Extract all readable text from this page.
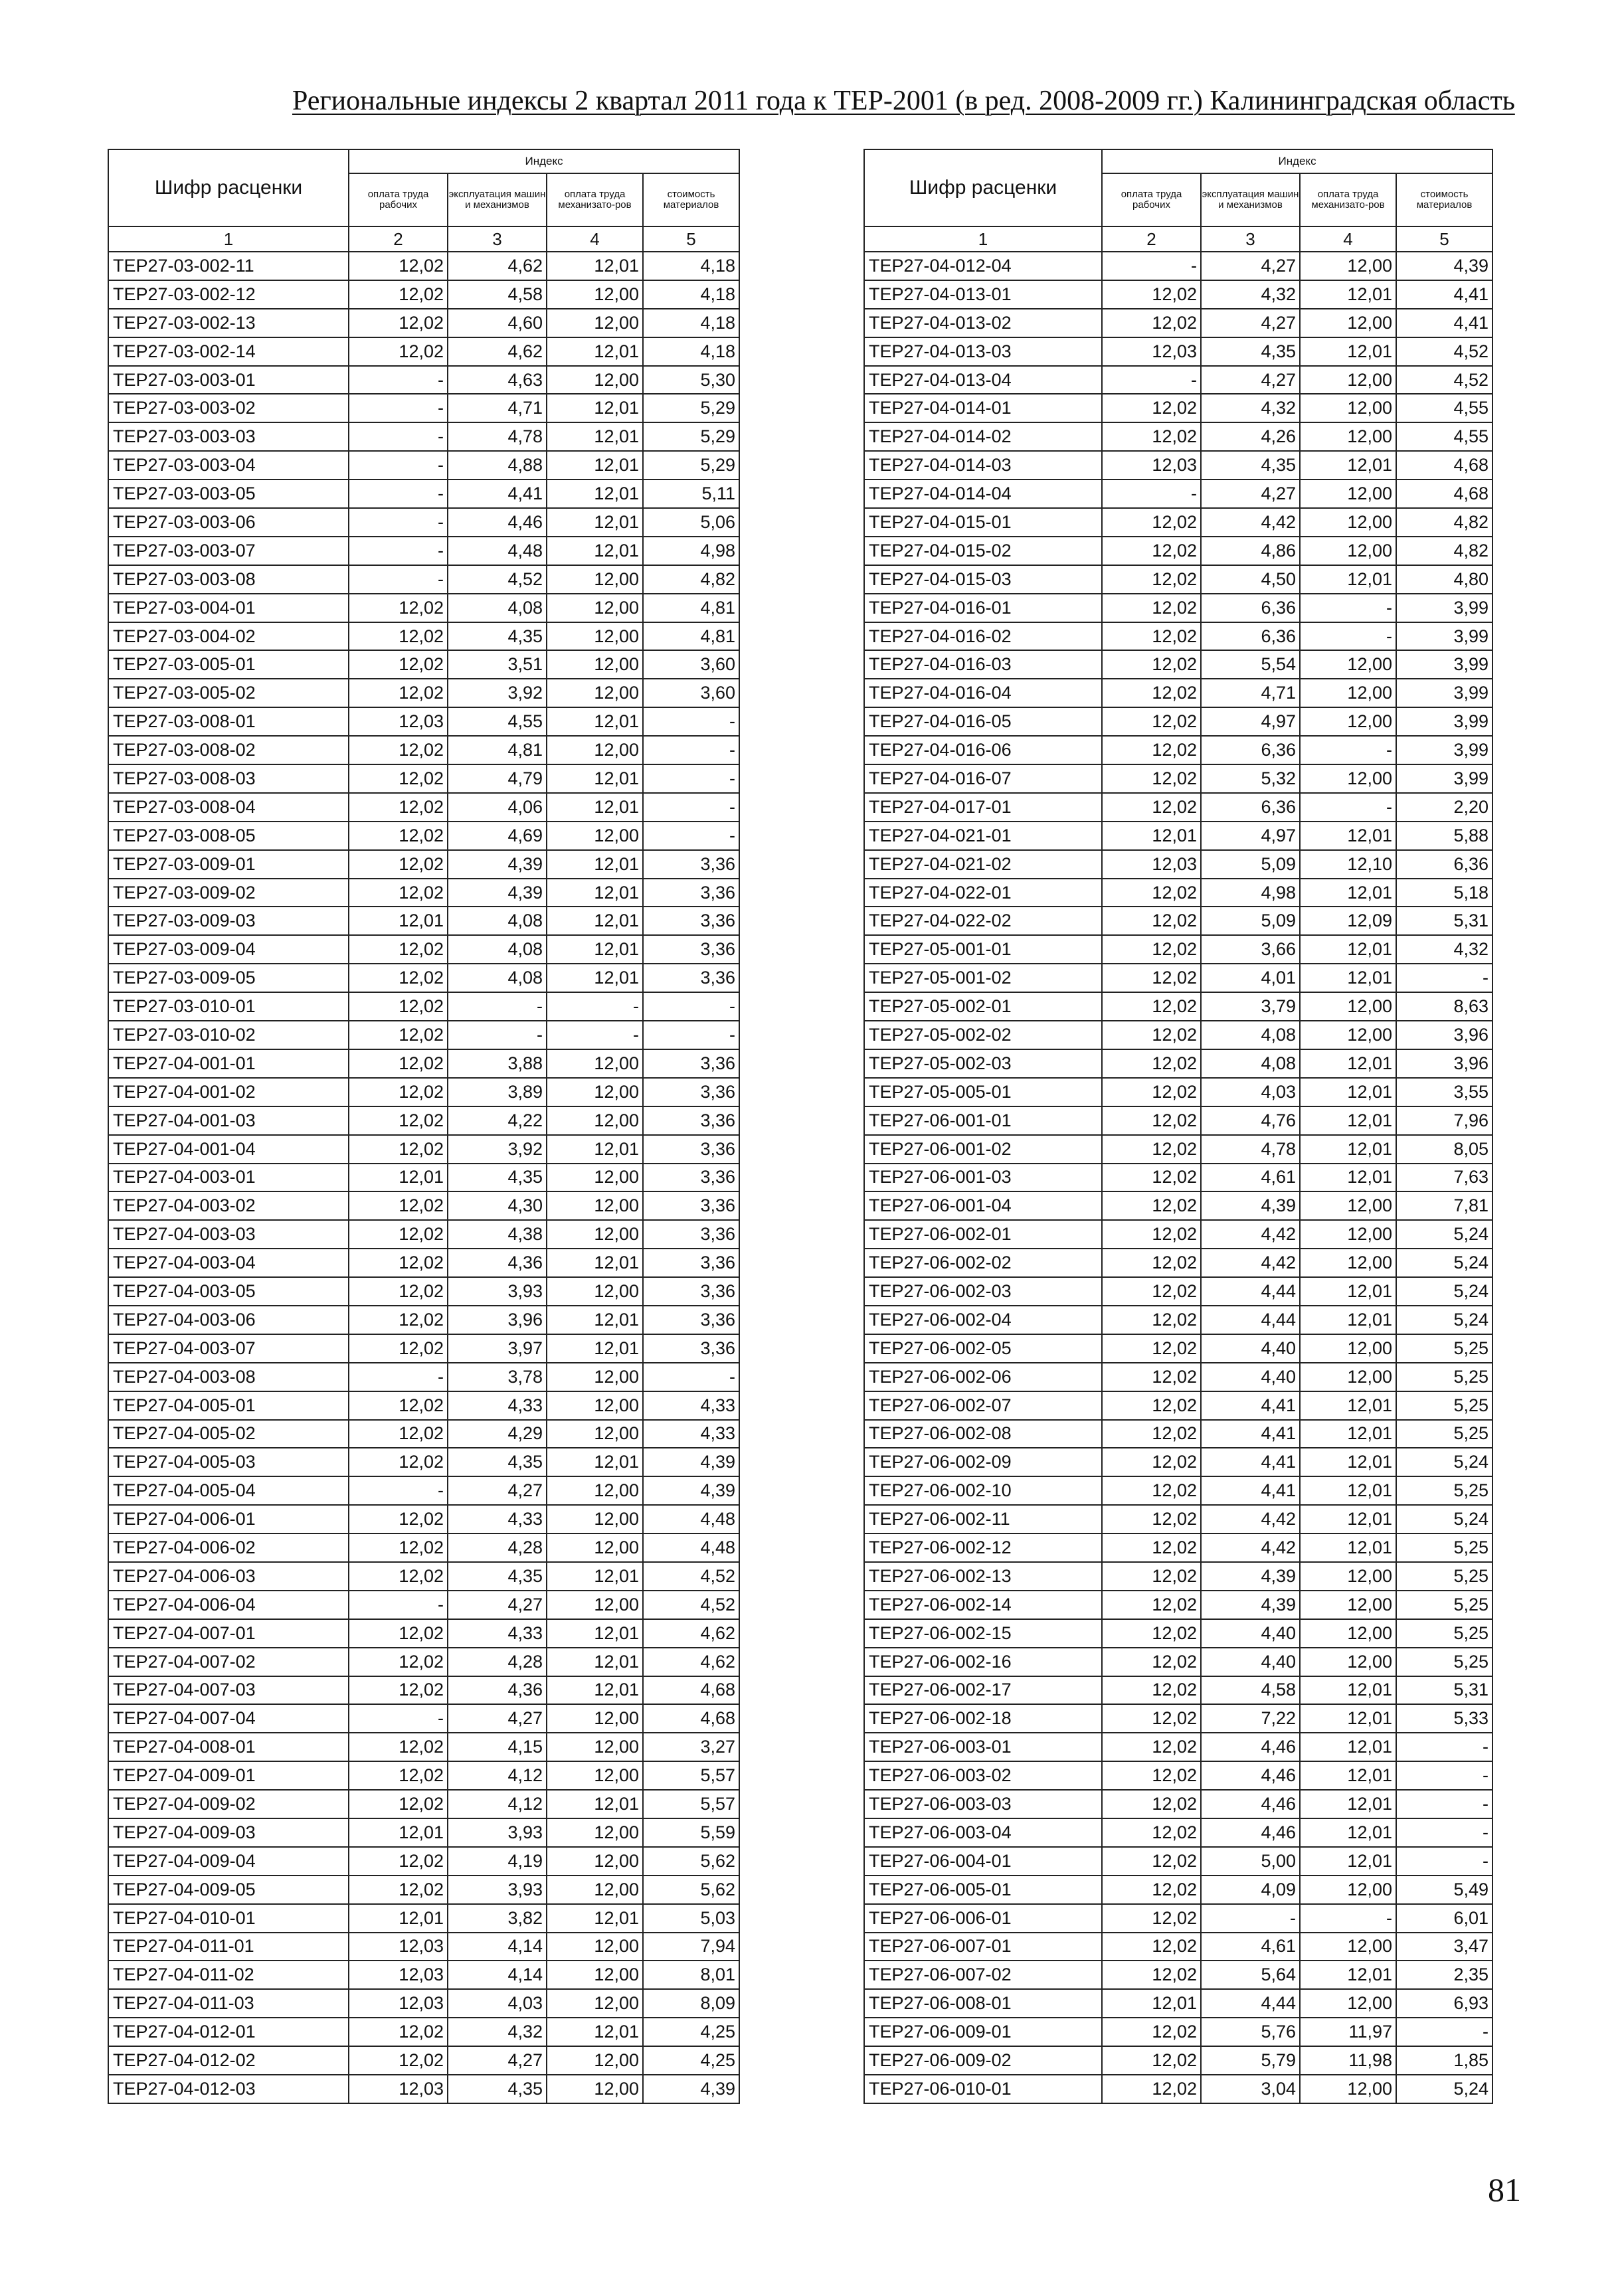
Региональные индексы 2 квартал 2011 года к ТЕР-2001 (в ред. 2008-2009 гг.) Калининградская область
Шифр расценки	Индекс			
	оплата труда рабочих	эксплуатация машин и механизмов	оплата труда механизато-ров	стоимость материалов
1	2	3	4	5
ТЕР27-03-002-11	12,02	4,62	12,01	4,18
ТЕР27-03-002-12	12,02	4,58	12,00	4,18
ТЕР27-03-002-13	12,02	4,60	12,00	4,18
ТЕР27-03-002-14	12,02	4,62	12,01	4,18
ТЕР27-03-003-01	-	4,63	12,00	5,30
ТЕР27-03-003-02	-	4,71	12,01	5,29
ТЕР27-03-003-03	-	4,78	12,01	5,29
ТЕР27-03-003-04	-	4,88	12,01	5,29
ТЕР27-03-003-05	-	4,41	12,01	5,11
ТЕР27-03-003-06	-	4,46	12,01	5,06
ТЕР27-03-003-07	-	4,48	12,01	4,98
ТЕР27-03-003-08	-	4,52	12,00	4,82
ТЕР27-03-004-01	12,02	4,08	12,00	4,81
ТЕР27-03-004-02	12,02	4,35	12,00	4,81
ТЕР27-03-005-01	12,02	3,51	12,00	3,60
ТЕР27-03-005-02	12,02	3,92	12,00	3,60
ТЕР27-03-008-01	12,03	4,55	12,01	-
ТЕР27-03-008-02	12,02	4,81	12,00	-
ТЕР27-03-008-03	12,02	4,79	12,01	-
ТЕР27-03-008-04	12,02	4,06	12,01	-
ТЕР27-03-008-05	12,02	4,69	12,00	-
ТЕР27-03-009-01	12,02	4,39	12,01	3,36
ТЕР27-03-009-02	12,02	4,39	12,01	3,36
ТЕР27-03-009-03	12,01	4,08	12,01	3,36
ТЕР27-03-009-04	12,02	4,08	12,01	3,36
ТЕР27-03-009-05	12,02	4,08	12,01	3,36
ТЕР27-03-010-01	12,02	-	-	-
ТЕР27-03-010-02	12,02	-	-	-
ТЕР27-04-001-01	12,02	3,88	12,00	3,36
ТЕР27-04-001-02	12,02	3,89	12,00	3,36
ТЕР27-04-001-03	12,02	4,22	12,00	3,36
ТЕР27-04-001-04	12,02	3,92	12,01	3,36
ТЕР27-04-003-01	12,01	4,35	12,00	3,36
ТЕР27-04-003-02	12,02	4,30	12,00	3,36
ТЕР27-04-003-03	12,02	4,38	12,00	3,36
ТЕР27-04-003-04	12,02	4,36	12,01	3,36
ТЕР27-04-003-05	12,02	3,93	12,00	3,36
ТЕР27-04-003-06	12,02	3,96	12,01	3,36
ТЕР27-04-003-07	12,02	3,97	12,01	3,36
ТЕР27-04-003-08	-	3,78	12,00	-
ТЕР27-04-005-01	12,02	4,33	12,00	4,33
ТЕР27-04-005-02	12,02	4,29	12,00	4,33
ТЕР27-04-005-03	12,02	4,35	12,01	4,39
ТЕР27-04-005-04	-	4,27	12,00	4,39
ТЕР27-04-006-01	12,02	4,33	12,00	4,48
ТЕР27-04-006-02	12,02	4,28	12,00	4,48
ТЕР27-04-006-03	12,02	4,35	12,01	4,52
ТЕР27-04-006-04	-	4,27	12,00	4,52
ТЕР27-04-007-01	12,02	4,33	12,01	4,62
ТЕР27-04-007-02	12,02	4,28	12,01	4,62
ТЕР27-04-007-03	12,02	4,36	12,01	4,68
ТЕР27-04-007-04	-	4,27	12,00	4,68
ТЕР27-04-008-01	12,02	4,15	12,00	3,27
ТЕР27-04-009-01	12,02	4,12	12,00	5,57
ТЕР27-04-009-02	12,02	4,12	12,01	5,57
ТЕР27-04-009-03	12,01	3,93	12,00	5,59
ТЕР27-04-009-04	12,02	4,19	12,00	5,62
ТЕР27-04-009-05	12,02	3,93	12,00	5,62
ТЕР27-04-010-01	12,01	3,82	12,01	5,03
ТЕР27-04-011-01	12,03	4,14	12,00	7,94
ТЕР27-04-011-02	12,03	4,14	12,00	8,01
ТЕР27-04-011-03	12,03	4,03	12,00	8,09
ТЕР27-04-012-01	12,02	4,32	12,01	4,25
ТЕР27-04-012-02	12,02	4,27	12,00	4,25
ТЕР27-04-012-03	12,03	4,35	12,00	4,39
Шифр расценки	Индекс			
	оплата труда рабочих	эксплуатация машин и механизмов	оплата труда механизато-ров	стоимость материалов
1	2	3	4	5
ТЕР27-04-012-04	-	4,27	12,00	4,39
ТЕР27-04-013-01	12,02	4,32	12,01	4,41
ТЕР27-04-013-02	12,02	4,27	12,00	4,41
ТЕР27-04-013-03	12,03	4,35	12,01	4,52
ТЕР27-04-013-04	-	4,27	12,00	4,52
ТЕР27-04-014-01	12,02	4,32	12,00	4,55
ТЕР27-04-014-02	12,02	4,26	12,00	4,55
ТЕР27-04-014-03	12,03	4,35	12,01	4,68
ТЕР27-04-014-04	-	4,27	12,00	4,68
ТЕР27-04-015-01	12,02	4,42	12,00	4,82
ТЕР27-04-015-02	12,02	4,86	12,00	4,82
ТЕР27-04-015-03	12,02	4,50	12,01	4,80
ТЕР27-04-016-01	12,02	6,36	-	3,99
ТЕР27-04-016-02	12,02	6,36	-	3,99
ТЕР27-04-016-03	12,02	5,54	12,00	3,99
ТЕР27-04-016-04	12,02	4,71	12,00	3,99
ТЕР27-04-016-05	12,02	4,97	12,00	3,99
ТЕР27-04-016-06	12,02	6,36	-	3,99
ТЕР27-04-016-07	12,02	5,32	12,00	3,99
ТЕР27-04-017-01	12,02	6,36	-	2,20
ТЕР27-04-021-01	12,01	4,97	12,01	5,88
ТЕР27-04-021-02	12,03	5,09	12,10	6,36
ТЕР27-04-022-01	12,02	4,98	12,01	5,18
ТЕР27-04-022-02	12,02	5,09	12,09	5,31
ТЕР27-05-001-01	12,02	3,66	12,01	4,32
ТЕР27-05-001-02	12,02	4,01	12,01	-
ТЕР27-05-002-01	12,02	3,79	12,00	8,63
ТЕР27-05-002-02	12,02	4,08	12,00	3,96
ТЕР27-05-002-03	12,02	4,08	12,01	3,96
ТЕР27-05-005-01	12,02	4,03	12,01	3,55
ТЕР27-06-001-01	12,02	4,76	12,01	7,96
ТЕР27-06-001-02	12,02	4,78	12,01	8,05
ТЕР27-06-001-03	12,02	4,61	12,01	7,63
ТЕР27-06-001-04	12,02	4,39	12,00	7,81
ТЕР27-06-002-01	12,02	4,42	12,00	5,24
ТЕР27-06-002-02	12,02	4,42	12,00	5,24
ТЕР27-06-002-03	12,02	4,44	12,01	5,24
ТЕР27-06-002-04	12,02	4,44	12,01	5,24
ТЕР27-06-002-05	12,02	4,40	12,00	5,25
ТЕР27-06-002-06	12,02	4,40	12,00	5,25
ТЕР27-06-002-07	12,02	4,41	12,01	5,25
ТЕР27-06-002-08	12,02	4,41	12,01	5,25
ТЕР27-06-002-09	12,02	4,41	12,01	5,24
ТЕР27-06-002-10	12,02	4,41	12,01	5,25
ТЕР27-06-002-11	12,02	4,42	12,01	5,24
ТЕР27-06-002-12	12,02	4,42	12,01	5,25
ТЕР27-06-002-13	12,02	4,39	12,00	5,25
ТЕР27-06-002-14	12,02	4,39	12,00	5,25
ТЕР27-06-002-15	12,02	4,40	12,00	5,25
ТЕР27-06-002-16	12,02	4,40	12,00	5,25
ТЕР27-06-002-17	12,02	4,58	12,01	5,31
ТЕР27-06-002-18	12,02	7,22	12,01	5,33
ТЕР27-06-003-01	12,02	4,46	12,01	-
ТЕР27-06-003-02	12,02	4,46	12,01	-
ТЕР27-06-003-03	12,02	4,46	12,01	-
ТЕР27-06-003-04	12,02	4,46	12,01	-
ТЕР27-06-004-01	12,02	5,00	12,01	-
ТЕР27-06-005-01	12,02	4,09	12,00	5,49
ТЕР27-06-006-01	12,02	-	-	6,01
ТЕР27-06-007-01	12,02	4,61	12,00	3,47
ТЕР27-06-007-02	12,02	5,64	12,01	2,35
ТЕР27-06-008-01	12,01	4,44	12,00	6,93
ТЕР27-06-009-01	12,02	5,76	11,97	-
ТЕР27-06-009-02	12,02	5,79	11,98	1,85
ТЕР27-06-010-01	12,02	3,04	12,00	5,24
81
